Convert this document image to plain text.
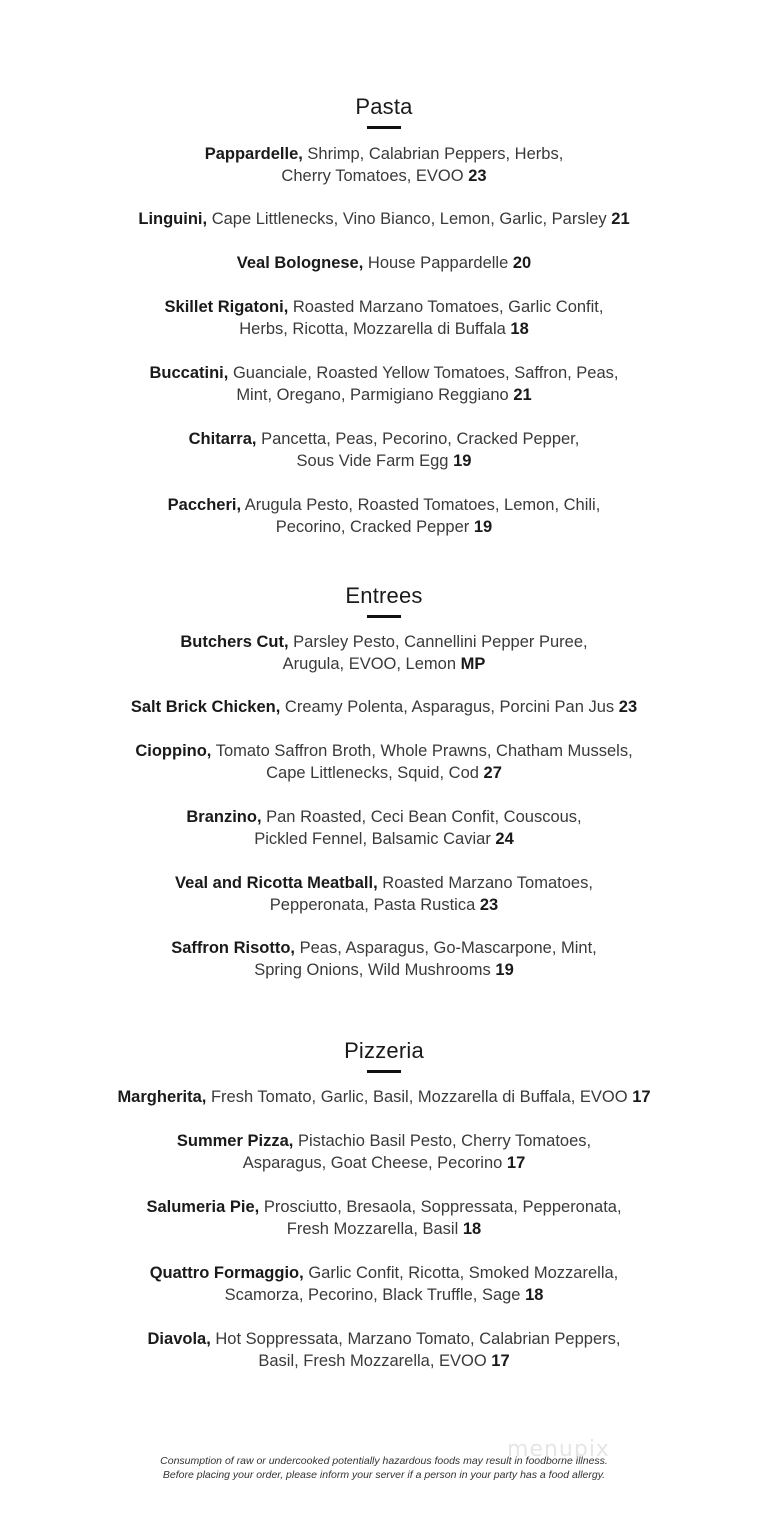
Pasta
Pappardelle, Shrimp, Calabrian Peppers, Herbs,
Cherry Tomatoes, EVOO 23
Linguini, Cape Littlenecks, Vino Bianco, Lemon, Garlic, Parsley 21
Veal Bolognese, House Pappardelle 20
Skillet Rigatoni, Roasted Marzano Tomatoes, Garlic Confit,
Herbs, Ricotta, Mozzarella di Buffala 18
Buccatini, Guanciale, Roasted Yellow Tomatoes, Saffron, Peas,
Mint, Oregano, Parmigiano Reggiano 21
Chitarra, Pancetta, Peas, Pecorino, Cracked Pepper,
Sous Vide Farm Egg 19
Paccheri, Arugula Pesto, Roasted Tomatoes, Lemon, Chili,
Pecorino, Cracked Pepper 19
Entrees
Butchers Cut, Parsley Pesto, Cannellini Pepper Puree,
Arugula, EVOO, Lemon MP
Salt Brick Chicken, Creamy Polenta, Asparagus, Porcini Pan Jus 23
Cioppino, Tomato Saffron Broth, Whole Prawns, Chatham Mussels,
Cape Littlenecks, Squid, Cod 27
Branzino, Pan Roasted, Ceci Bean Confit, Couscous,
Pickled Fennel, Balsamic Caviar 24
Veal and Ricotta Meatball, Roasted Marzano Tomatoes,
Pepperonata, Pasta Rustica 23
Saffron Risotto, Peas, Asparagus, Go-Mascarpone, Mint,
Spring Onions, Wild Mushrooms 19
Pizzeria
Margherita, Fresh Tomato, Garlic, Basil, Mozzarella di Buffala, EVOO 17
Summer Pizza, Pistachio Basil Pesto, Cherry Tomatoes,
Asparagus, Goat Cheese, Pecorino 17
Salumeria Pie, Prosciutto, Bresaola, Soppressata, Pepperonata,
Fresh Mozzarella, Basil 18
Quattro Formaggio, Garlic Confit, Ricotta, Smoked Mozzarella,
Scamorza, Pecorino, Black Truffle, Sage 18
Diavola, Hot Soppressata, Marzano Tomato, Calabrian Peppers,
Basil, Fresh Mozzarella, EVOO 17
menupix
Consumption of raw or undercooked potentially hazardous foods may result in foodborne illness.
Before placing your order, please inform your server if a person in your party has a food allergy.
